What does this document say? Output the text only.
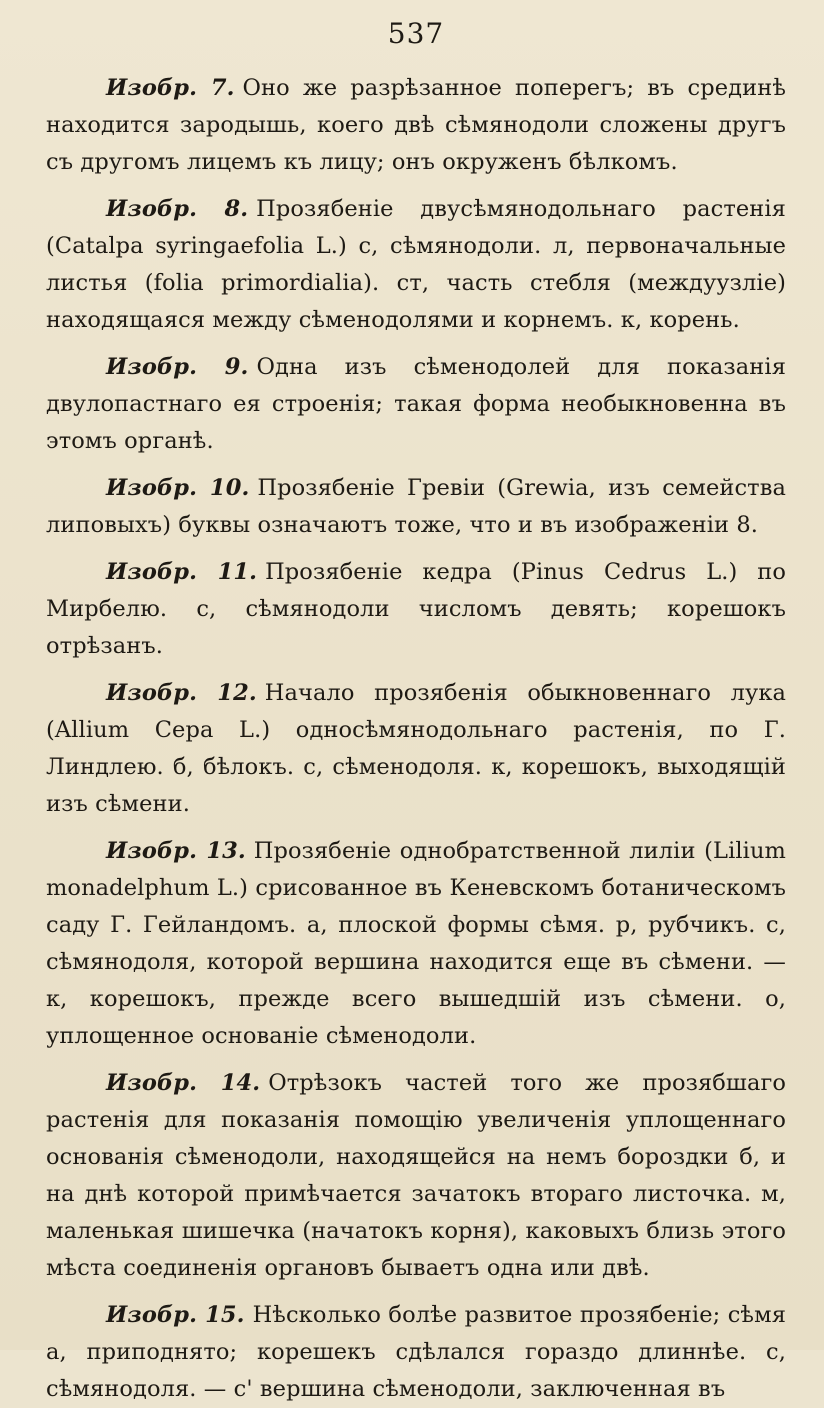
537

Изобр. 7. Оно же разрѣзанное поперегъ; въ срединѣ находится зародышь, коего двѣ сѣмянодоли сложены другъ съ другомъ лицемъ къ лицу; онъ окруженъ бѣлкомъ.

Изобр. 8. Прозябеніе двусѣмянодольнаго растенія (Catalpa syringaefolia L.) с, сѣмянодоли. л, первоначальные листья (folia primordialia). ст, часть стебля (междуузліе) находящаяся между сѣменодолями и корнемъ. к, корень.

Изобр. 9. Одна изъ сѣменодолей для показанія двулопастнаго ея строенія; такая форма необыкновенна въ этомъ органѣ.

Изобр. 10. Прозябеніе Гревіи (Grewia, изъ семейства липовыхъ) буквы означаютъ тоже, что и въ изображеніи 8.

Изобр. 11. Прозябеніе кедра (Pinus Cedrus L.) по Мирбелю. с, сѣмянодоли числомъ девять; корешокъ отрѣзанъ.

Изобр. 12. Начало прозябенія обыкновеннаго лука (Allium Cepa L.) односѣмянодольнаго растенія, по Г. Линдлею. б, бѣлокъ. с, сѣменодоля. к, корешокъ, выходящій изъ сѣмени.

Изобр. 13. Прозябеніе однобратственной лиліи (Lilium monadelphum L.) срисованное въ Кеневскомъ ботаническомъ саду Г. Гейландомъ. а, плоской формы сѣмя. р, рубчикъ. с, сѣмянодоля, которой вершина находится еще въ сѣмени. — к, корешокъ, прежде всего вышедшій изъ сѣмени. о, уплощенное основаніе сѣменодоли.

Изобр. 14. Отрѣзокъ частей того же прозябшаго растенія для показанія помощію увеличенія уплощеннаго основанія сѣменодоли, находящейся на немъ бороздки б, и на днѣ которой примѣчается зачатокъ втораго листочка. м, маленькая шишечка (начатокъ корня), каковыхъ близь этого мѣста соединенія органовъ бываетъ одна или двѣ.

Изобр. 15. Нѣсколько болѣе развитое прозябеніе; сѣмя а, приподнято; корешекъ сдѣлался гораздо длиннѣе. с, сѣмянодоля. — с' вершина сѣменодоли, заключенная въ
